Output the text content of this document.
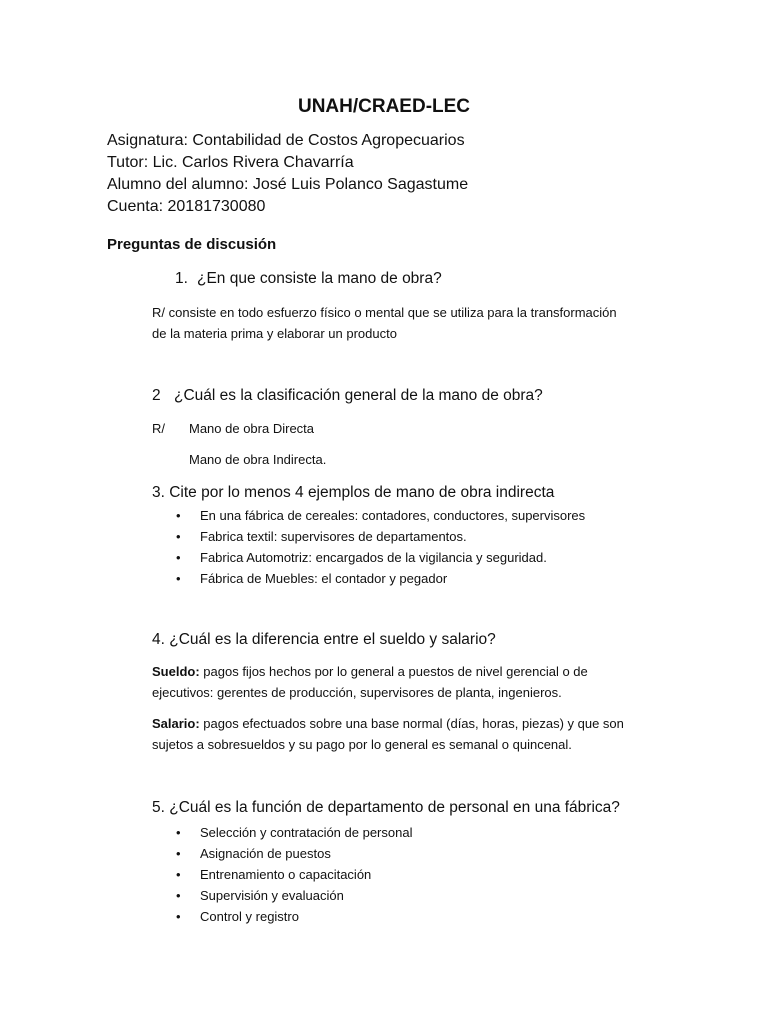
UNAH/CRAED-LEC
Asignatura: Contabilidad de Costos Agropecuarios
Tutor: Lic. Carlos Rivera Chavarría
Alumno del alumno: José Luis Polanco Sagastume
Cuenta: 20181730080
Preguntas de discusión
1. ¿En que consiste la mano de obra?
R/ consiste en todo esfuerzo físico o mental que se utiliza para la transformación
de la materia prima y elaborar un producto
2 ¿Cuál es la clasificación general de la mano de obra?
R/ Mano de obra Directa
Mano de obra Indirecta.
3. Cite por lo menos 4 ejemplos de mano de obra indirecta
• En una fábrica de cereales: contadores, conductores, supervisores
• Fabrica textil: supervisores de departamentos.
• Fabrica Automotriz: encargados de la vigilancia y seguridad.
• Fábrica de Muebles: el contador y pegador
4. ¿Cuál es la diferencia entre el sueldo y salario?
Sueldo: pagos fijos hechos por lo general a puestos de nivel gerencial o de
ejecutivos: gerentes de producción, supervisores de planta, ingenieros.
Salario: pagos efectuados sobre una base normal (días, horas, piezas) y que son
sujetos a sobresueldos y su pago por lo general es semanal o quincenal.
5. ¿Cuál es la función de departamento de personal en una fábrica?
• Selección y contratación de personal
• Asignación de puestos
• Entrenamiento o capacitación
• Supervisión y evaluación
• Control y registro
